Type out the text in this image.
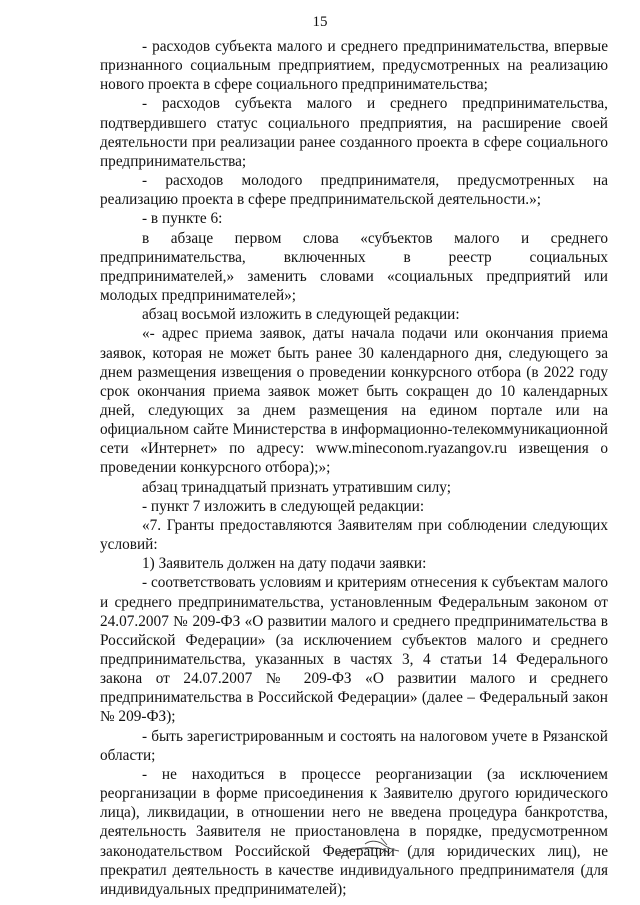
15

- расходов субъекта малого и среднего предпринимательства, впервые признанного социальным предприятием, предусмотренных на реализацию нового проекта в сфере социального предпринимательства;

- расходов субъекта малого и среднего предпринимательства, подтвердившего статус социального предприятия, на расширение своей деятельности при реализации ранее созданного проекта в сфере социального предпринимательства;

- расходов молодого предпринимателя, предусмотренных на реализацию проекта в сфере предпринимательской деятельности.»;

- в пункте 6:

в абзаце первом слова «субъектов малого и среднего предпринимательства, включенных в реестр социальных предпринимателей,» заменить словами «социальных предприятий или молодых предпринимателей»;

абзац восьмой изложить в следующей редакции:

«- адрес приема заявок, даты начала подачи или окончания приема заявок, которая не может быть ранее 30 календарного дня, следующего за днем размещения извещения о проведении конкурсного отбора (в 2022 году срок окончания приема заявок может быть сокращен до 10 календарных дней, следующих за днем размещения на едином портале или на официальном сайте Министерства в информационно-телекоммуникационной сети «Интернет» по адресу: www.mineconom.ryazangov.ru извещения о проведении конкурсного отбора);»;

абзац тринадцатый признать утратившим силу;

- пункт 7 изложить в следующей редакции:

«7. Гранты предоставляются Заявителям при соблюдении следующих условий:

1) Заявитель должен на дату подачи заявки:

- соответствовать условиям и критериям отнесения к субъектам малого и среднего предпринимательства, установленным Федеральным законом от 24.07.2007 № 209-ФЗ «О развитии малого и среднего предпринимательства в Российской Федерации» (за исключением субъектов малого и среднего предпринимательства, указанных в частях 3, 4 статьи 14 Федерального закона от 24.07.2007 № 209-ФЗ «О развитии малого и среднего предпринимательства в Российской Федерации» (далее – Федеральный закон № 209-ФЗ);

- быть зарегистрированным и состоять на налоговом учете в Рязанской области;

- не находиться в процессе реорганизации (за исключением реорганизации в форме присоединения к Заявителю другого юридического лица), ликвидации, в отношении него не введена процедура банкротства, деятельность Заявителя не приостановлена в порядке, предусмотренном законодательством Российской Федерации (для юридических лиц), не прекратил деятельность в качестве индивидуального предпринимателя (для индивидуальных предпринимателей);
